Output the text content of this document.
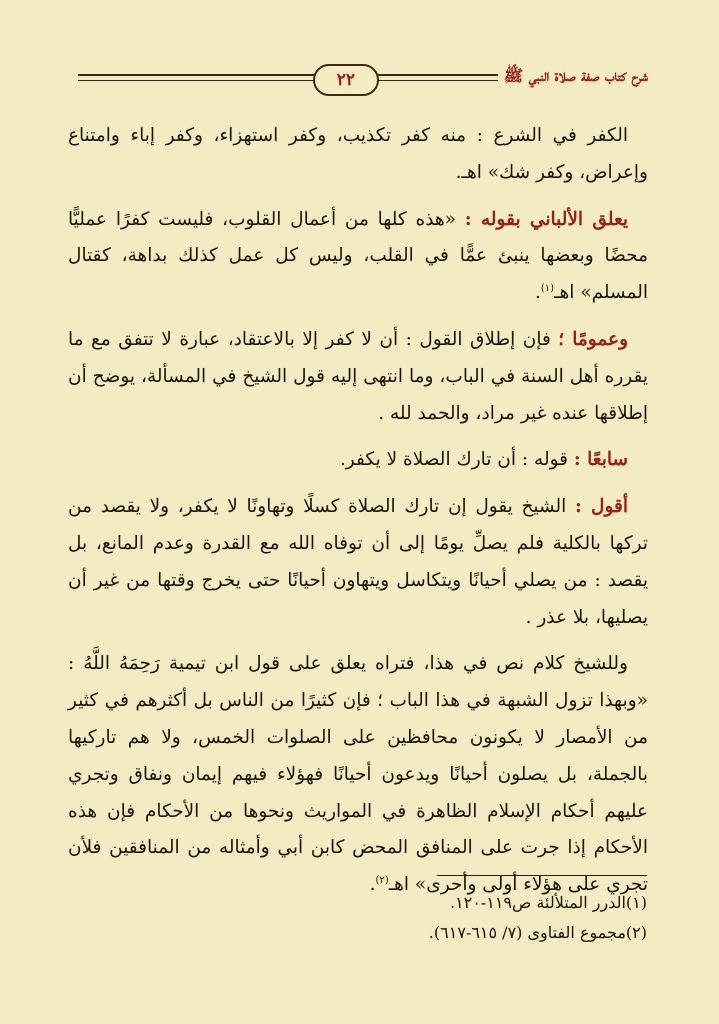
٢٢	شرح كتاب صفة صلاة النبي ﷺ

الكفر في الشرع : منه كفر تكذيب، وكفر استهزاء، وكفر إباء وامتناع وإعراض، وكفر شك» اهـ.

يعلق الألباني بقوله : «هذه كلها من أعمال القلوب، فليست كفرًا عمليًّا محضًا وبعضها ينبئ عمًّا في القلب، وليس كل عمل كذلك بداهة، كقتال المسلم» اهـ$^{(١)}$.

وعمومًا ؛ فإن إطلاق القول : أن لا كفر إلا بالاعتقاد، عبارة لا تتفق مع ما يقرره أهل السنة في الباب، وما انتهى إليه قول الشيخ في المسألة، يوضح أن إطلاقها عنده غير مراد، والحمد لله .

سابعًا : قوله : أن تارك الصلاة لا يكفر.

أقول : الشيخ يقول إن تارك الصلاة كسلًا وتهاونًا لا يكفر، ولا يقصد من تركها بالكلية فلم يصلِّ يومًا إلى أن توفاه الله مع القدرة وعدم المانع، بل يقصد : من يصلي أحيانًا ويتكاسل ويتهاون أحيانًا حتى يخرج وقتها من غير أن يصليها، بلا عذر .

وللشيخ كلام نص في هذا، فتراه يعلق على قول ابن تيمية رَحِمَهُ اللَّهُ : «وبهذا تزول الشبهة في هذا الباب ؛ فإن كثيرًا من الناس بل أكثرهم في كثير من الأمصار لا يكونون محافظين على الصلوات الخمس، ولا هم تاركيها بالجملة، بل يصلون أحيانًا ويدعون أحيانًا فهؤلاء فيهم إيمان ونفاق وتجري عليهم أحكام الإسلام الظاهرة في المواريث ونحوها من الأحكام فإن هذه الأحكام إذا جرت على المنافق المحض كابن أبي وأمثاله من المنافقين فلأن تجري على هؤلاء أولى وأحرى» اهـ$^{(٢)}$.

(١)الدرر المتلألئة ص١١٩-١٢٠.
(٢)مجموع الفتاوى (٧/ ٦١٥-٦١٧).
